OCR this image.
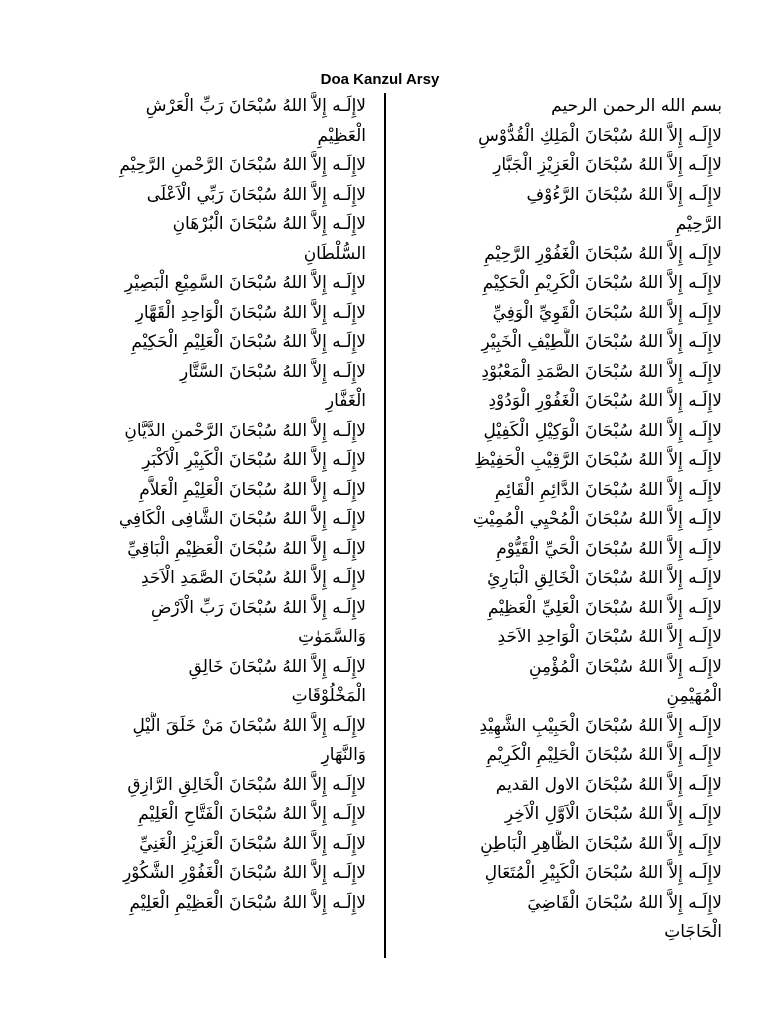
Doa Kanzul Arsy
بسم الله الرحمن الرحيم
لاإِلَـه إِلاَّ اللهُ سُبْحَانَ الْمَلِكِ الْقُدُّوْسِ
لاإِلَـه إِلاَّ اللهُ سُبْحَانَ الْعَزِيْزِ الْجَبَّارِ
لاإِلَـه إِلاَّ اللهُ سُبْحَانَ الرَّءُوْفِ
الرَّحِيْمِ
لاإِلَـه إِلاَّ اللهُ سُبْحَانَ الْغَفُوْرِ الرَّحِيْمِ
لاإِلَـه إِلاَّ اللهُ سُبْحَانَ الْكَرِيْمِ الْحَكِيْمِ
لاإِلَـه إِلاَّ اللهُ سُبْحَانَ الْقَوِيِّ الْوَفِيِّ
لاإِلَـه إِلاَّ اللهُ سُبْحَانَ اللَّطِيْفِ الْخَبِيْرِ
لاإِلَـه إِلاَّ اللهُ سُبْحَانَ الصَّمَدِ الْمَعْبُوْدِ
لاإِلَـه إِلاَّ اللهُ سُبْحَانَ الْغَفُوْرِ الْوَدُوْدِ
لاإِلَـه إِلاَّ اللهُ سُبْحَانَ الْوَكِيْلِ الْكَفِيْلِ
لاإِلَـه إِلاَّ اللهُ سُبْحَانَ الرَّقِيْبِ الْحَفِيْظِ
لاإِلَـه إِلاَّ اللهُ سُبْحَانَ الدَّائِمِ الْقَائِمِ
لاإِلَـه إِلاَّ اللهُ سُبْحَانَ الْمُحْيِي الْمُمِيْتِ
لاإِلَـه إِلاَّ اللهُ سُبْحَانَ الْحَيِّ الْقَيُّوْمِ
لاإِلَـه إِلاَّ اللهُ سُبْحَانَ الْخَالِقِ الْبَارِئِ
لاإِلَـه إِلاَّ اللهُ سُبْحَانَ الْعَلِيِّ الْعَظِيْمِ
لاإِلَـه إِلاَّ اللهُ سُبْحَانَ الْوَاحِدِ الاَحَدِ
لاإِلَـه إِلاَّ اللهُ سُبْحَانَ الْمُؤْمِنِ
الْمُهَيْمِنِ
لاإِلَـه إِلاَّ اللهُ سُبْحَانَ الْحَبِيْبِ الشَّهِيْدِ
لاإِلَـه إِلاَّ اللهُ سُبْحَانَ الْحَلِيْمِ الْكَرِيْمِ
لاإِلَـه إِلاَّ اللهُ سُبْحَانَ الاول القديم
لاإِلَـه إِلاَّ اللهُ سُبْحَانَ الْاَوَّلِ الْاَخِرِ
لاإِلَـه إِلاَّ اللهُ سُبْحَانَ الظَّاهِرِ الْبَاطِنِ
لاإِلَـه إِلاَّ اللهُ سُبْحَانَ الْكَبِيْرِ الْمُتَعَالِ
لاإِلَـه إِلاَّ اللهُ سُبْحَانَ الْقَاضِيَ
الْحَاجَاتِ
لاإِلَـه إِلاَّ اللهُ سُبْحَانَ رَبِّ الْعَرْشِ
الْعَظِيْمِ
لاإِلَـه إِلاَّ اللهُ سُبْحَانَ الرَّحْمنِ الرَّحِيْمِ
لاإِلَـه إِلاَّ اللهُ سُبْحَانَ رَبِّي الْاَعْلَى
لاإِلَـه إِلاَّ اللهُ سُبْحَانَ الْبُرْهَانِ
السُّلْطَانِ
لاإِلَـه إِلاَّ اللهُ سُبْحَانَ السَّمِيْعِ الْبَصِيْرِ
لاإِلَـه إِلاَّ اللهُ سُبْحَانَ الْوَاحِدِ الْقَهَّارِ
لاإِلَـه إِلاَّ اللهُ سُبْحَانَ الْعَلِيْمِ الْحَكِيْمِ
لاإِلَـه إِلاَّ اللهُ سُبْحَانَ السَّتَّارِ
الْغَفَّارِ
لاإِلَـه إِلاَّ اللهُ سُبْحَانَ الرَّحْمنِ الدَّيَّانِ
لاإِلَـه إِلاَّ اللهُ سُبْحَانَ الْكَبِيْرِ الْاَكْبَرِ
لاإِلَـه إِلاَّ اللهُ سُبْحَانَ الْعَلِيْمِ الْعَلاَّمِ
لاإِلَـه إِلاَّ اللهُ سُبْحَانَ الشَّافِى الْكَافِي
لاإِلَـه إِلاَّ اللهُ سُبْحَانَ الْعَظِيْمِ الْبَاقِيِّ
لاإِلَـه إِلاَّ اللهُ سُبْحَانَ الصَّمَدِ الْاَحَدِ
لاإِلَـه إِلاَّ اللهُ سُبْحَانَ رَبِّ الْاَرْضِ
وَالسَّمَوٰتِ
لاإِلَـه إِلاَّ اللهُ سُبْحَانَ خَالِقِ
الْمَخْلُوْقَاتِ
لاإِلَـه إِلاَّ اللهُ سُبْحَانَ مَنْ خَلَقَ الَّيْلِ
وَالنَّهَارِ
لاإِلَـه إِلاَّ اللهُ سُبْحَانَ الْخَالِقِ الرَّازِقِ
لاإِلَـه إِلاَّ اللهُ سُبْحَانَ الْفَتَّاحِ الْعَلِيْمِ
لاإِلَـه إِلاَّ اللهُ سُبْحَانَ الْعَزِيْزِ الْغَنِيِّ
لاإِلَـه إِلاَّ اللهُ سُبْحَانَ الْغَفُوْرِ الشَّكُوْرِ
لاإِلَـه إِلاَّ اللهُ سُبْحَانَ الْعَظِيْمِ الْعَلِيْمِ
